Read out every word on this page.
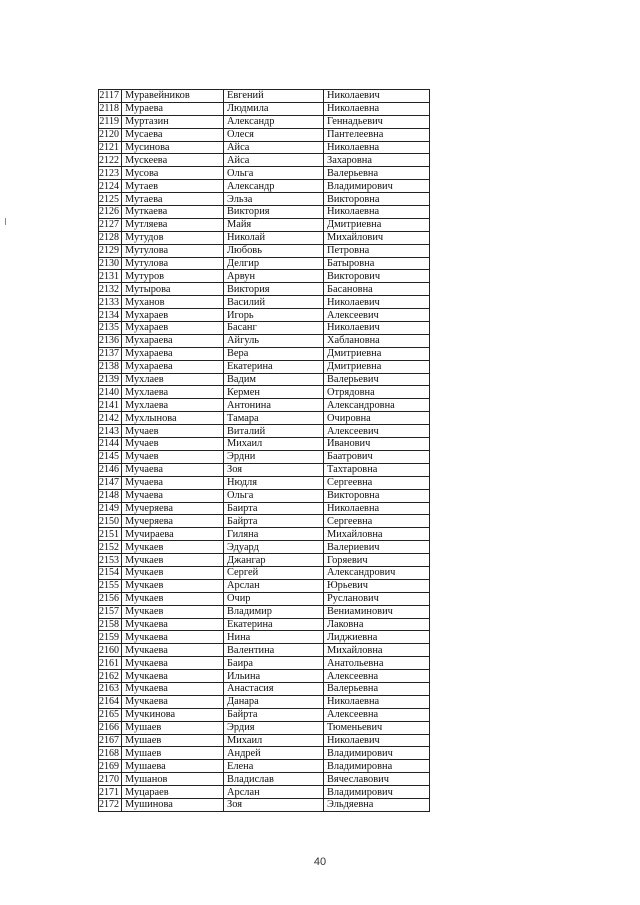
2117	Муравейников	Евгений	Николаевич
2118	Мураева	Людмила	Николаевна
2119	Муртазин	Александр	Геннадьевич
2120	Мусаева	Олеся	Пантелеевна
2121	Мусинова	Айса	Николаевна
2122	Мускеева	Айса	Захаровна
2123	Мусова	Ольга	Валерьевна
2124	Мутаев	Александр	Владимирович
2125	Мутаева	Эльза	Викторовна
2126	Муткаева	Виктория	Николаевна
2127	Мутляева	Майя	Дмитриевна
2128	Мутудов	Николай	Михайлович
2129	Мутулова	Любовь	Петровна
2130	Мутулова	Делгир	Батыровна
2131	Мутуров	Арвун	Викторович
2132	Мутырова	Виктория	Басановна
2133	Муханов	Василий	Николаевич
2134	Мухараев	Игорь	Алексеевич
2135	Мухараев	Басанг	Николаевич
2136	Мухараева	Айгуль	Хаблановна
2137	Мухараева	Вера	Дмитриевна
2138	Мухараева	Екатерина	Дмитриевна
2139	Мухлаев	Вадим	Валерьевич
2140	Мухлаева	Кермен	Отрядовна
2141	Мухлаева	Антонина	Александровна
2142	Мухлынова	Тамара	Очировна
2143	Мучаев	Виталий	Алексеевич
2144	Мучаев	Михаил	Иванович
2145	Мучаев	Эрдни	Баатрович
2146	Мучаева	Зоя	Тахтаровна
2147	Мучаева	Нюдля	Сергеевна
2148	Мучаева	Ольга	Викторовна
2149	Мучеряева	Баирта	Николаевна
2150	Мучеряева	Байрта	Сергеевна
2151	Мучираева	Гиляна	Михайловна
2152	Мучкаев	Эдуард	Валериевич
2153	Мучкаев	Джангар	Горяевич
2154	Мучкаев	Сергей	Александрович
2155	Мучкаев	Арслан	Юрьевич
2156	Мучкаев	Очир	Русланович
2157	Мучкаев	Владимир	Вениаминович
2158	Мучкаева	Екатерина	Лаковна
2159	Мучкаева	Нина	Лиджиевна
2160	Мучкаева	Валентина	Михайловна
2161	Мучкаева	Баира	Анатольевна
2162	Мучкаева	Ильина	Алексеевна
2163	Мучкаева	Анастасия	Валерьевна
2164	Мучкаева	Данара	Николаевна
2165	Мучкинова	Байрта	Алексеевна
2166	Мушаев	Эрдия	Тюменьевич
2167	Мушаев	Михаил	Николаевич
2168	Мушаев	Андрей	Владимирович
2169	Мушаева	Елена	Владимировна
2170	Мушанов	Владислав	Вячеславович
2171	Муцараев	Арслан	Владимирович
2172	Мушинова	Зоя	Эльдяевна
40
